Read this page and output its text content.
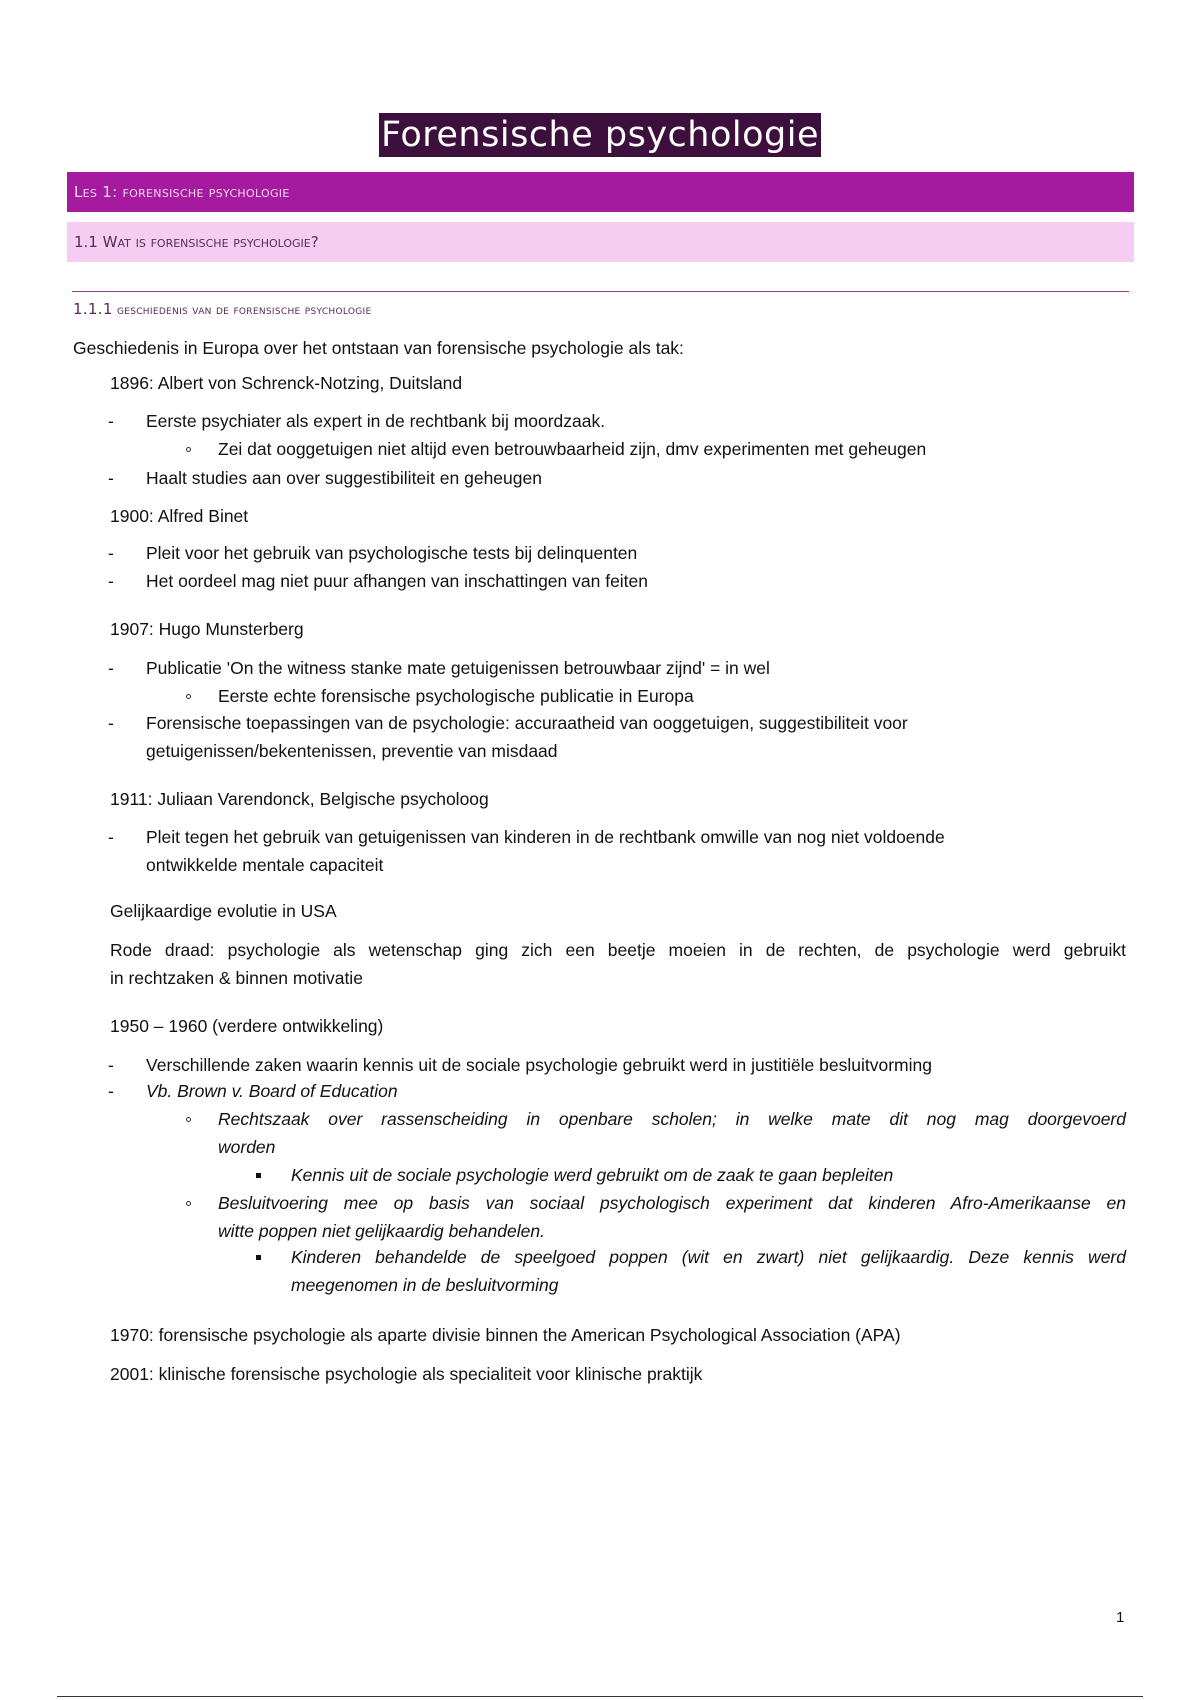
Forensische psychologie
Les 1: forensische psychologie
1.1 Wat is forensische psychologie?
1.1.1 geschiedenis van de forensische psychologie
Geschiedenis in Europa over het ontstaan van forensische psychologie als tak:
1896: Albert von Schrenck-Notzing, Duitsland
- Eerste psychiater als expert in de rechtbank bij moordzaak.
Zei dat ooggetuigen niet altijd even betrouwbaarheid zijn, dmv experimenten met geheugen
- Haalt studies aan over suggestibiliteit en geheugen
1900: Alfred Binet
- Pleit voor het gebruik van psychologische tests bij delinquenten
- Het oordeel mag niet puur afhangen van inschattingen van feiten
1907: Hugo Munsterberg
- Publicatie 'On the witness stanke mate getuigenissen betrouwbaar zijnd' = in wel
Eerste echte forensische psychologische publicatie in Europa
- Forensische toepassingen van de psychologie: accuraatheid van ooggetuigen, suggestibiliteit voor
getuigenissen/bekentenissen, preventie van misdaad
1911: Juliaan Varendonck, Belgische psycholoog
- Pleit tegen het gebruik van getuigenissen van kinderen in de rechtbank omwille van nog niet voldoende
ontwikkelde mentale capaciteit
Gelijkaardige evolutie in USA
Rode draad: psychologie als wetenschap ging zich een beetje moeien in de rechten, de psychologie werd gebruikt
in rechtzaken & binnen motivatie
1950 – 1960 (verdere ontwikkeling)
- Verschillende zaken waarin kennis uit de sociale psychologie gebruikt werd in justitiële besluitvorming
- Vb. Brown v. Board of Education
Rechtszaak over rassenscheiding in openbare scholen; in welke mate dit nog mag doorgevoerd
worden
Kennis uit de sociale psychologie werd gebruikt om de zaak te gaan bepleiten
Besluitvoering mee op basis van sociaal psychologisch experiment dat kinderen Afro-Amerikaanse en
witte poppen niet gelijkaardig behandelen.
Kinderen behandelde de speelgoed poppen (wit en zwart) niet gelijkaardig. Deze kennis werd
meegenomen in de besluitvorming
1970: forensische psychologie als aparte divisie binnen the American Psychological Association (APA)
2001: klinische forensische psychologie als specialiteit voor klinische praktijk
1
